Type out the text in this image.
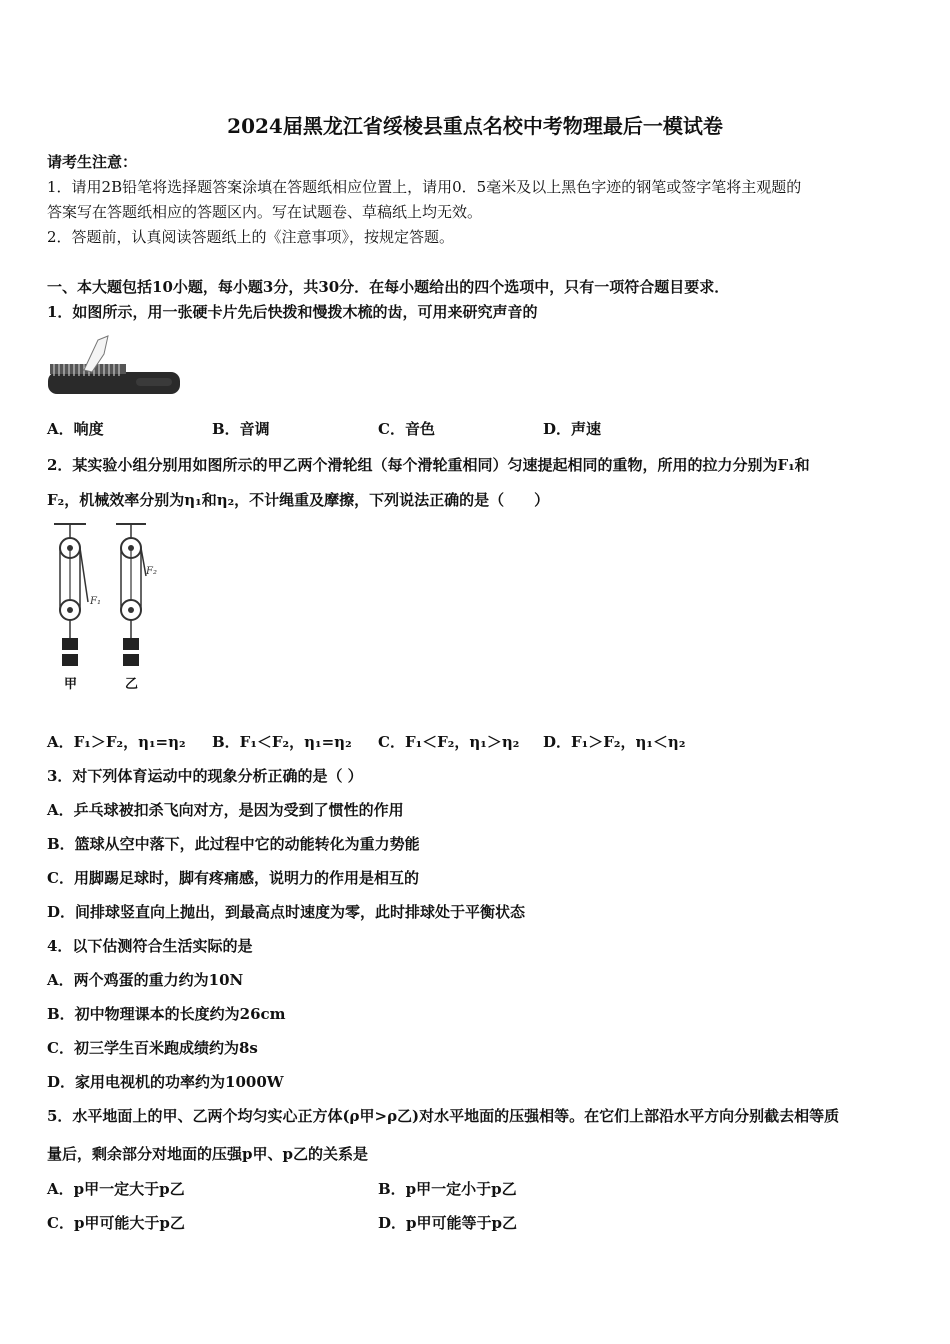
2024届黑龙江省绥棱县重点名校中考物理最后一模试卷
请考生注意：
1．请用2B铅笔将选择题答案涂填在答题纸相应位置上，请用0．5毫米及以上黑色字迹的钢笔或签字笔将主观题的
答案写在答题纸相应的答题区内。写在试题卷、草稿纸上均无效。
2．答题前，认真阅读答题纸上的《注意事项》，按规定答题。
一、本大题包括10小题，每小题3分，共30分．在每小题给出的四个选项中，只有一项符合题目要求．
1．如图所示，用一张硬卡片先后快拨和慢拨木梳的齿，可用来研究声音的
A．响度	B．音调	C．音色	D．声速
2．某实验小组分别用如图所示的甲乙两个滑轮组（每个滑轮重相同）匀速提起相同的重物，所用的拉力分别为F₁和
F₂，机械效率分别为η₁和η₂，不计绳重及摩擦，下列说法正确的是（　　）
F₁
甲
F₂
乙
A．F₁＞F₂，η₁=η₂ B．F₁＜F₂，η₁=η₂ C．F₁＜F₂，η₁＞η₂ D．F₁＞F₂，η₁＜η₂
3．对下列体育运动中的现象分析正确的是（ ）
A．乒乓球被扣杀飞向对方，是因为受到了惯性的作用
B．篮球从空中落下，此过程中它的动能转化为重力势能
C．用脚踢足球时，脚有疼痛感，说明力的作用是相互的
D．间排球竖直向上抛出，到最高点时速度为零，此时排球处于平衡状态
4．以下估测符合生活实际的是
A．两个鸡蛋的重力约为10N
B．初中物理课本的长度约为26cm
C．初三学生百米跑成绩约为8s
D．家用电视机的功率约为1000W
5．水平地面上的甲、乙两个均匀实心正方体(ρ甲>ρ乙)对水平地面的压强相等。在它们上部沿水平方向分别截去相等质
量后，剩余部分对地面的压强p甲、p乙的关系是
A．p甲一定大于p乙	B．p甲一定小于p乙
C．p甲可能大于p乙	D．p甲可能等于p乙
